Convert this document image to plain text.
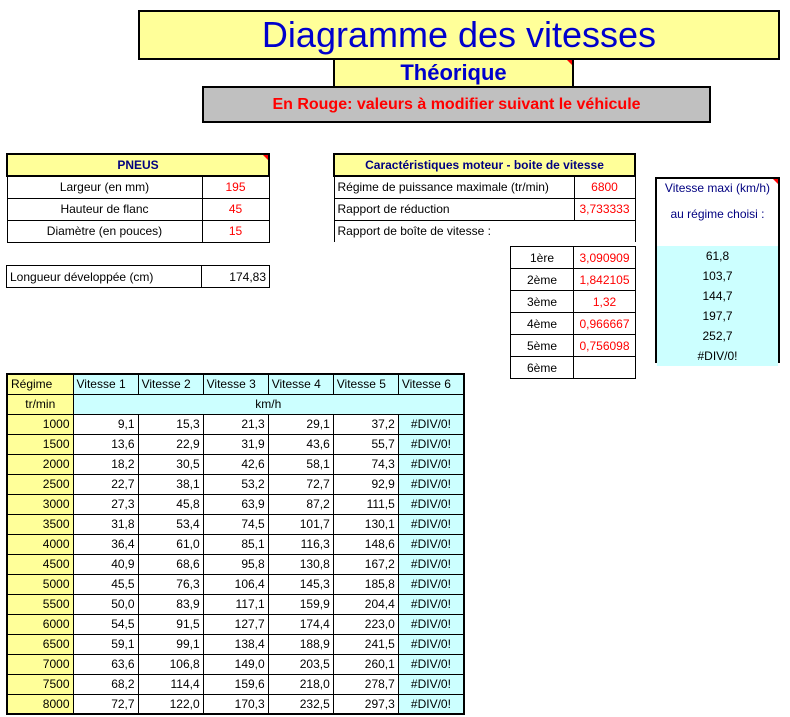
Diagramme des vitesses
Théorique
En Rouge: valeurs à modifier suivant le véhicule
PNEUS	

Largeur (en mm)	195
Hauteur de flanc	45
Diamètre (en pouces)	15
Longueur développée (cm)	174,83
Caractéristiques moteur - boite de vitesse	
Régime de puissance maximale (tr/min)	6800
Rapport de réduction	3,733333
Rapport de boîte de vitesse :	
1ère	3,090909
2ème	1,842105
3ème	1,32
4ème	0,966667
5ème	0,756098
6ème	
Vitesse maxi (km/h)
au régime choisi :
61,8
103,7
144,7
197,7
252,7
#DIV/0!
Régime	Vitesse 1	Vitesse 2	Vitesse 3	Vitesse 4	Vitesse 5	Vitesse 6
tr/min	km/h					
1000	9,1	15,3	21,3	29,1	37,2	#DIV/0!
1500	13,6	22,9	31,9	43,6	55,7	#DIV/0!
2000	18,2	30,5	42,6	58,1	74,3	#DIV/0!
2500	22,7	38,1	53,2	72,7	92,9	#DIV/0!
3000	27,3	45,8	63,9	87,2	111,5	#DIV/0!
3500	31,8	53,4	74,5	101,7	130,1	#DIV/0!
4000	36,4	61,0	85,1	116,3	148,6	#DIV/0!
4500	40,9	68,6	95,8	130,8	167,2	#DIV/0!
5000	45,5	76,3	106,4	145,3	185,8	#DIV/0!
5500	50,0	83,9	117,1	159,9	204,4	#DIV/0!
6000	54,5	91,5	127,7	174,4	223,0	#DIV/0!
6500	59,1	99,1	138,4	188,9	241,5	#DIV/0!
7000	63,6	106,8	149,0	203,5	260,1	#DIV/0!
7500	68,2	114,4	159,6	218,0	278,7	#DIV/0!
8000	72,7	122,0	170,3	232,5	297,3	#DIV/0!
